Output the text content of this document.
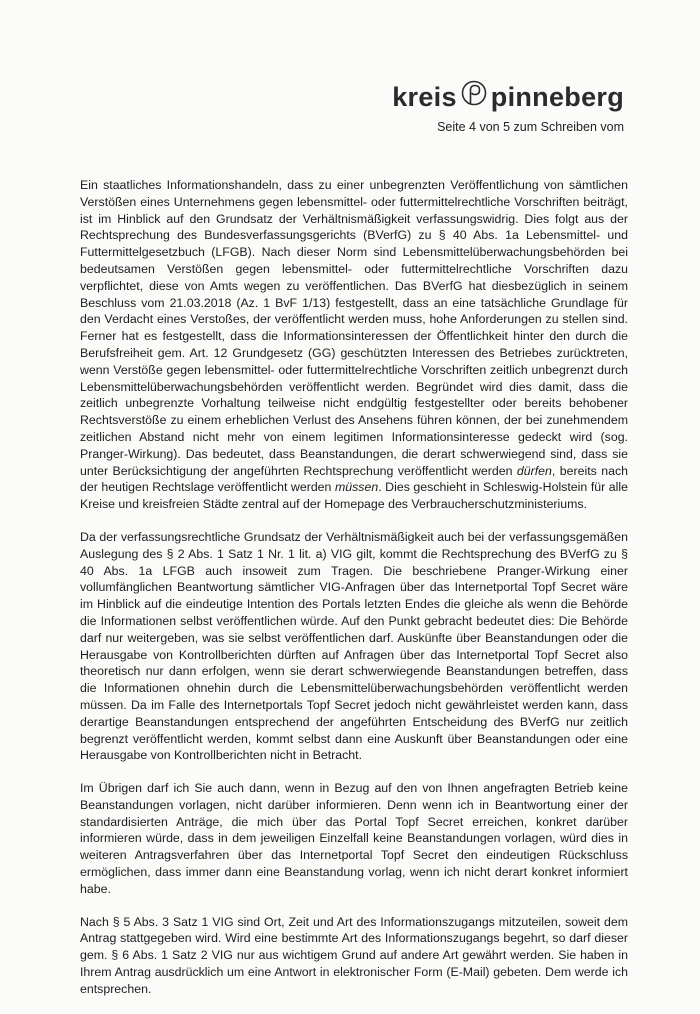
kreis pinneberg
Seite 4 von 5 zum Schreiben vom

Ein staatliches Informationshandeln, dass zu einer unbegrenzten Veröffentlichung von sämtlichen Verstößen eines Unternehmens gegen lebensmittel- oder futtermittelrechtliche Vorschriften beiträgt, ist im Hinblick auf den Grundsatz der Verhältnismäßigkeit verfassungswidrig. Dies folgt aus der Rechtsprechung des Bundesverfassungsgerichts (BVerfG) zu § 40 Abs. 1a Lebensmittel- und Futtermittelgesetzbuch (LFGB). Nach dieser Norm sind Lebensmittelüberwachungsbehörden bei bedeutsamen Verstößen gegen lebensmittel- oder futtermittelrechtliche Vorschriften dazu verpflichtet, diese von Amts wegen zu veröffentlichen. Das BVerfG hat diesbezüglich in seinem Beschluss vom 21.03.2018 (Az. 1 BvF 1/13) festgestellt, dass an eine tatsächliche Grundlage für den Verdacht eines Verstoßes, der veröffentlicht werden muss, hohe Anforderungen zu stellen sind. Ferner hat es festgestellt, dass die Informationsinteressen der Öffentlichkeit hinter den durch die Berufsfreiheit gem. Art. 12 Grundgesetz (GG) geschützten Interessen des Betriebes zurücktreten, wenn Verstöße gegen lebensmittel- oder futtermittelrechtliche Vorschriften zeitlich unbegrenzt durch Lebensmittelüberwachungsbehörden veröffentlicht werden. Begründet wird dies damit, dass die zeitlich unbegrenzte Vorhaltung teilweise nicht endgültig festgestellter oder bereits behobener Rechtsverstöße zu einem erheblichen Verlust des Ansehens führen können, der bei zunehmendem zeitlichen Abstand nicht mehr von einem legitimen Informationsinteresse gedeckt wird (sog. Pranger-Wirkung). Das bedeutet, dass Beanstandungen, die derart schwerwiegend sind, dass sie unter Berücksichtigung der angeführten Rechtsprechung veröffentlicht werden dürfen, bereits nach der heutigen Rechtslage veröffentlicht werden müssen. Dies geschieht in Schleswig-Holstein für alle Kreise und kreisfreien Städte zentral auf der Homepage des Verbraucherschutzministeriums.

Da der verfassungsrechtliche Grundsatz der Verhältnismäßigkeit auch bei der verfassungsgemäßen Auslegung des § 2 Abs. 1 Satz 1 Nr. 1 lit. a) VIG gilt, kommt die Rechtsprechung des BVerfG zu § 40 Abs. 1a LFGB auch insoweit zum Tragen. Die beschriebene Pranger-Wirkung einer vollumfänglichen Beantwortung sämtlicher VIG-Anfragen über das Internetportal Topf Secret wäre im Hinblick auf die eindeutige Intention des Portals letzten Endes die gleiche als wenn die Behörde die Informationen selbst veröffentlichen würde. Auf den Punkt gebracht bedeutet dies: Die Behörde darf nur weitergeben, was sie selbst veröffentlichen darf. Auskünfte über Beanstandungen oder die Herausgabe von Kontrollberichten dürften auf Anfragen über das Internetportal Topf Secret also theoretisch nur dann erfolgen, wenn sie derart schwerwiegende Beanstandungen betreffen, dass die Informationen ohnehin durch die Lebensmittelüberwachungsbehörden veröffentlicht werden müssen. Da im Falle des Internetportals Topf Secret jedoch nicht gewährleistet werden kann, dass derartige Beanstandungen entsprechend der angeführten Entscheidung des BVerfG nur zeitlich begrenzt veröffentlicht werden, kommt selbst dann eine Auskunft über Beanstandungen oder eine Herausgabe von Kontrollberichten nicht in Betracht.

Im Übrigen darf ich Sie auch dann, wenn in Bezug auf den von Ihnen angefragten Betrieb keine Beanstandungen vorlagen, nicht darüber informieren. Denn wenn ich in Beantwortung einer der standardisierten Anträge, die mich über das Portal Topf Secret erreichen, konkret darüber informieren würde, dass in dem jeweiligen Einzelfall keine Beanstandungen vorlagen, würd dies in weiteren Antragsverfahren über das Internetportal Topf Secret den eindeutigen Rückschluss ermöglichen, dass immer dann eine Beanstandung vorlag, wenn ich nicht derart konkret informiert habe.

Nach § 5 Abs. 3 Satz 1 VIG sind Ort, Zeit und Art des Informationszugangs mitzuteilen, soweit dem Antrag stattgegeben wird. Wird eine bestimmte Art des Informationszugangs begehrt, so darf dieser gem. § 6 Abs. 1 Satz 2 VIG nur aus wichtigem Grund auf andere Art gewährt werden. Sie haben in Ihrem Antrag ausdrücklich um eine Antwort in elektronischer Form (E-Mail) gebeten. Dem werde ich entsprechen.
